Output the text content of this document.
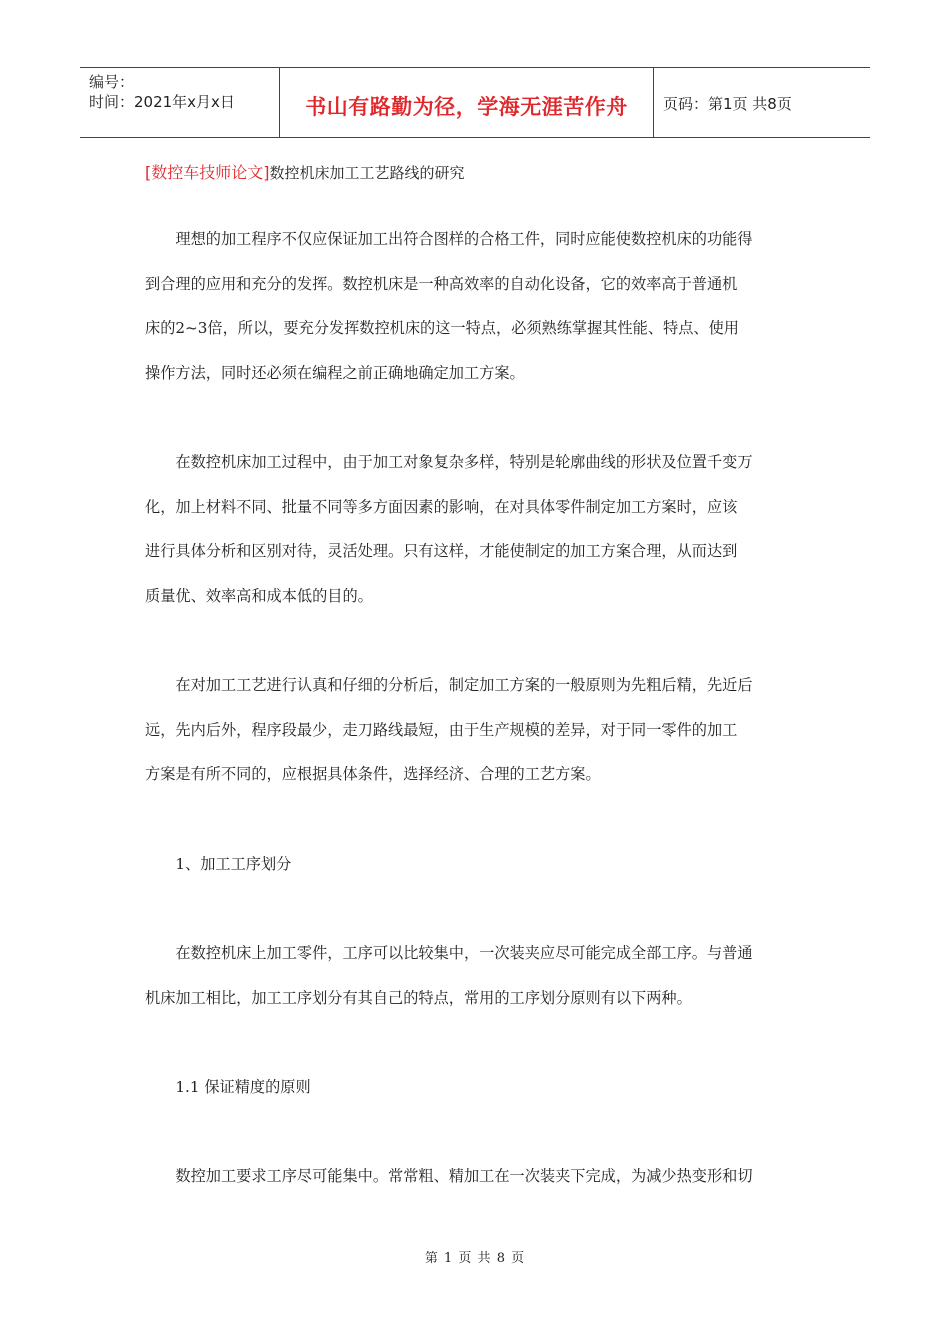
编号：
时间：2021年x月x日	书山有路勤为径，学海无涯苦作舟	页码：第1页 共8页
[数控车技师论文]数控机床加工工艺路线的研究
　　理想的加工程序不仅应保证加工出符合图样的合格工件，同时应能使数控机床的功能得
到合理的应用和充分的发挥。数控机床是一种高效率的自动化设备，它的效率高于普通机
床的2~3倍，所以，要充分发挥数控机床的这一特点，必须熟练掌握其性能、特点、使用
操作方法，同时还必须在编程之前正确地确定加工方案。
　　在数控机床加工过程中，由于加工对象复杂多样，特别是轮廓曲线的形状及位置千变万
化，加上材料不同、批量不同等多方面因素的影响，在对具体零件制定加工方案时，应该
进行具体分析和区别对待，灵活处理。只有这样，才能使制定的加工方案合理，从而达到
质量优、效率高和成本低的目的。
　　在对加工工艺进行认真和仔细的分析后，制定加工方案的一般原则为先粗后精，先近后
远，先内后外，程序段最少，走刀路线最短，由于生产规模的差异，对于同一零件的加工
方案是有所不同的，应根据具体条件，选择经济、合理的工艺方案。
　　1、加工工序划分
　　在数控机床上加工零件，工序可以比较集中，一次装夹应尽可能完成全部工序。与普通
机床加工相比，加工工序划分有其自己的特点，常用的工序划分原则有以下两种。
　　1.1 保证精度的原则
　　数控加工要求工序尽可能集中。常常粗、精加工在一次装夹下完成，为减少热变形和切
第 1 页 共 8 页
